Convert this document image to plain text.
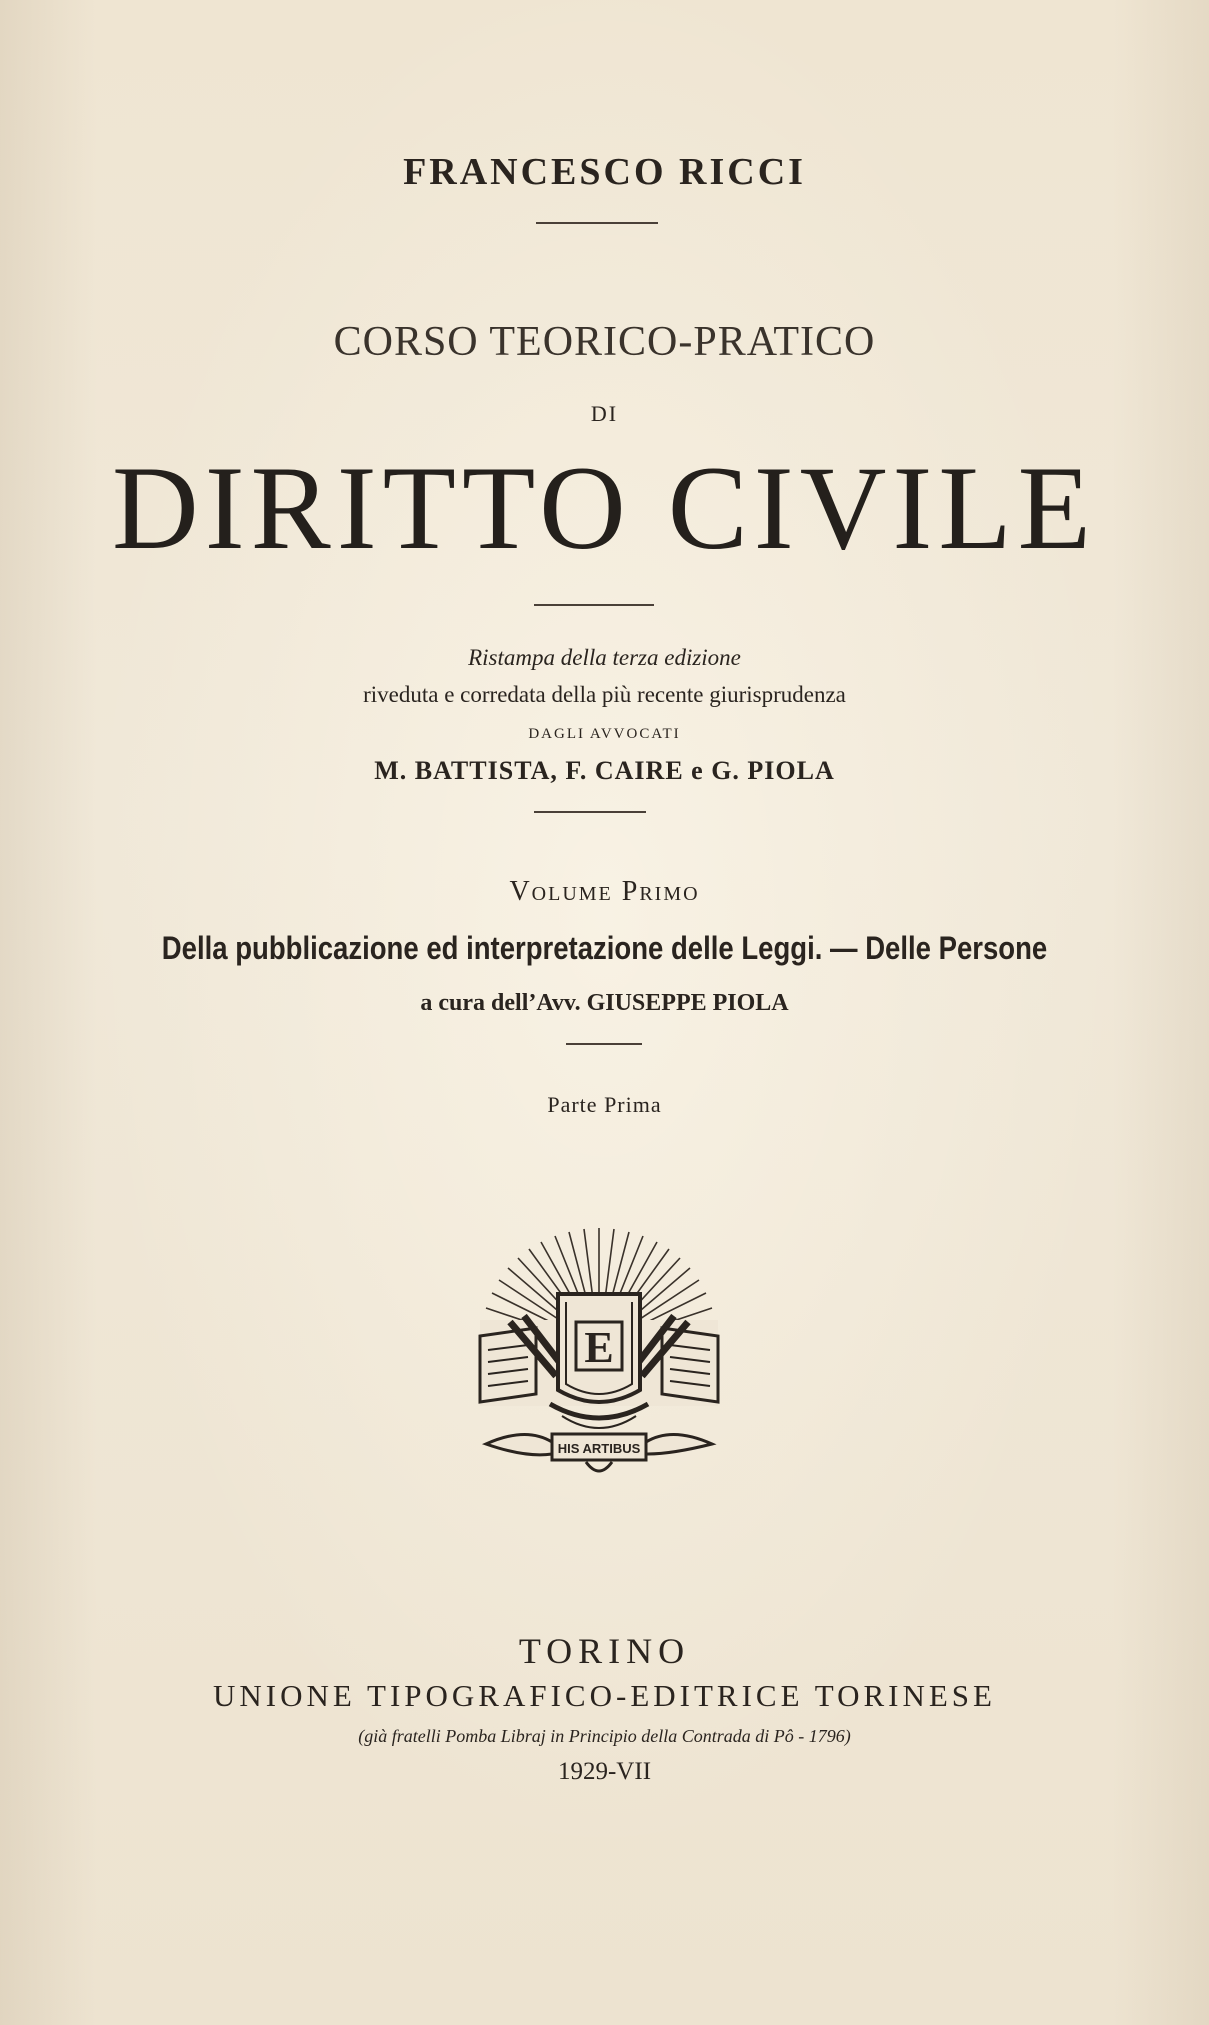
FRANCESCO RICCI
CORSO TEORICO-PRATICO
DI
DIRITTO CIVILE
Ristampa della terza edizione
riveduta e corredata della più recente giurisprudenza
DAGLI AVVOCATI
M. BATTISTA, F. CAIRE e G. PIOLA
Volume Primo
Della pubblicazione ed interpretazione delle Leggi. — Delle Persone
a cura dell’Avv. GIUSEPPE PIOLA
Parte Prima
E
HIS ARTIBUS
TORINO
UNIONE TIPOGRAFICO-EDITRICE TORINESE
(già fratelli Pomba Libraj in Principio della Contrada di Pô - 1796)
1929-VII
